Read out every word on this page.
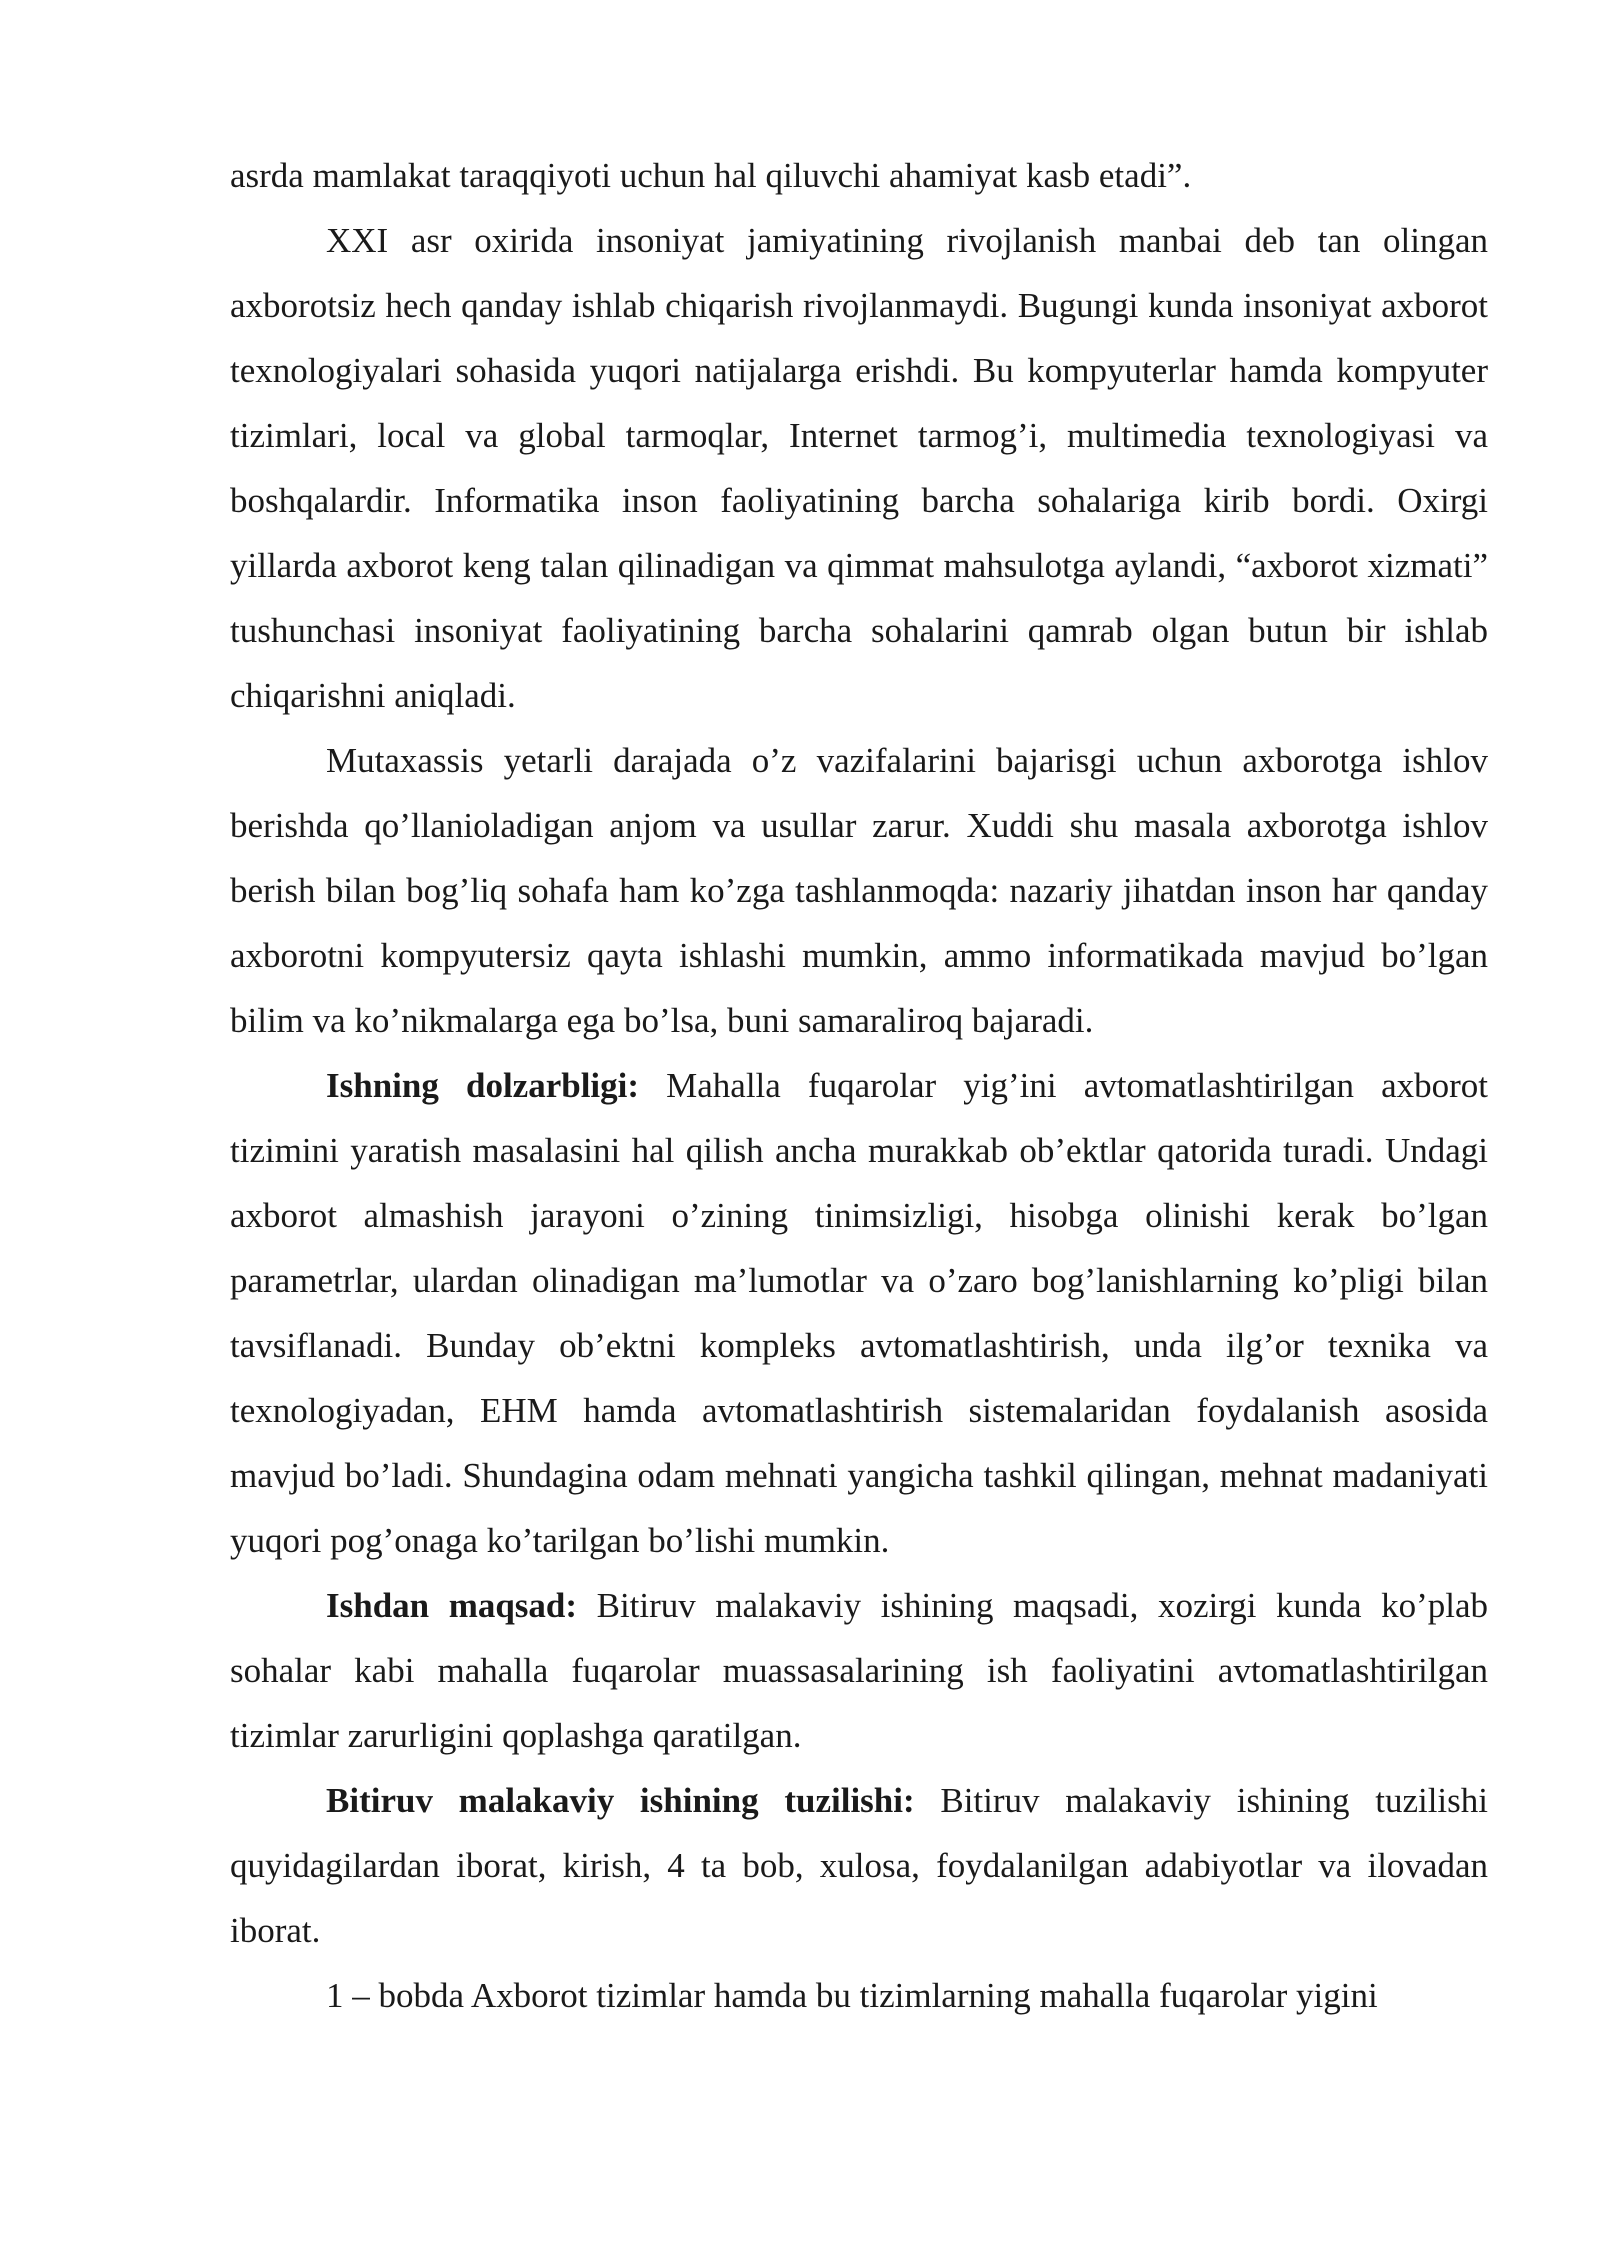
asrda mamlakat taraqqiyoti uchun hal qiluvchi ahamiyat kasb etadi”.

XXI asr oxirida insoniyat jamiyatining rivojlanish manbai deb tan olingan axborotsiz hech qanday ishlab chiqarish rivojlanmaydi. Bugungi kunda insoniyat axborot texnologiyalari sohasida yuqori natijalarga erishdi. Bu kompyuterlar hamda kompyuter tizimlari, local va global tarmoqlar, Internet tarmog’i, multimedia texnologiyasi va boshqalardir. Informatika inson faoliyatining barcha sohalariga kirib bordi. Oxirgi yillarda axborot keng talan qilinadigan va qimmat mahsulotga aylandi, “axborot xizmati” tushunchasi insoniyat faoliyatining barcha sohalarini qamrab olgan butun bir ishlab chiqarishni aniqladi.

Mutaxassis yetarli darajada o’z vazifalarini bajarisgi uchun axborotga ishlov berishda qo’llanioladigan anjom va usullar zarur. Xuddi shu masala axborotga ishlov berish bilan bog’liq sohafa ham ko’zga tashlanmoqda: nazariy jihatdan inson har qanday axborotni kompyutersiz qayta ishlashi mumkin, ammo informatikada mavjud bo’lgan bilim va ko’nikmalarga ega bo’lsa, buni samaraliroq bajaradi.

Ishning dolzarbligi: Mahalla fuqarolar yig’ini avtomatlashtirilgan axborot tizimini yaratish masalasini hal qilish ancha murakkab ob’ektlar qatorida turadi. Undagi axborot almashish jarayoni o’zining tinimsizligi, hisobga olinishi kerak bo’lgan parametrlar, ulardan olinadigan ma’lumotlar va o’zaro bog’lanishlarning ko’pligi bilan tavsiflanadi. Bunday ob’ektni kompleks avtomatlashtirish, unda ilg’or texnika va texnologiyadan, EHM hamda avtomatlashtirish sistemalaridan foydalanish asosida mavjud bo’ladi. Shundagina odam mehnati yangicha tashkil qilingan, mehnat madaniyati yuqori pog’onaga ko’tarilgan bo’lishi mumkin.

Ishdan maqsad: Bitiruv malakaviy ishining maqsadi, xozirgi kunda ko’plab sohalar kabi mahalla fuqarolar muassasalarining ish faoliyatini avtomatlashtirilgan tizimlar zarurligini qoplashga qaratilgan.

Bitiruv malakaviy ishining tuzilishi: Bitiruv malakaviy ishining tuzilishi quyidagilardan iborat, kirish, 4 ta bob, xulosa, foydalanilgan adabiyotlar va ilovadan iborat.

1 – bobda Axborot tizimlar hamda bu tizimlarning mahalla fuqarolar yigini
